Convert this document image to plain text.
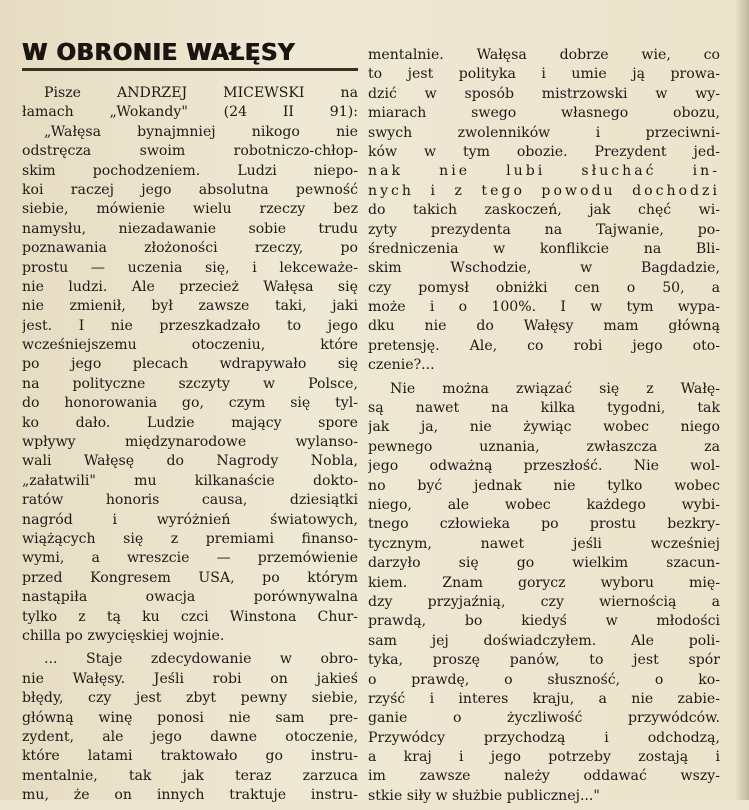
W OBRONIE WAŁĘSY
Pisze ANDRZEJ MICEWSKI na
łamach „Wokandy" (24 II 91):
„Wałęsa bynajmniej nikogo nie
odstręcza swoim robotniczo-chłop-
skim pochodzeniem. Ludzi niepo-
koi raczej jego absolutna pewność
siebie, mówienie wielu rzeczy bez
namysłu, niezadawanie sobie trudu
poznawania złożoności rzeczy, po
prostu — uczenia się, i lekceważe-
nie ludzi. Ale przecież Wałęsa się
nie zmienił, był zawsze taki, jaki
jest. I nie przeszkadzało to jego
wcześniejszemu otoczeniu, które
po jego plecach wdrapywało się
na polityczne szczyty w Polsce,
do honorowania go, czym się tyl-
ko dało. Ludzie mający spore
wpływy międzynarodowe wylanso-
wali Wałęsę do Nagrody Nobla,
„załatwili" mu kilkanaście dokto-
ratów honoris causa, dziesiątki
nagród i wyróżnień światowych,
wiążących się z premiami finanso-
wymi, a wreszcie — przemówienie
przed Kongresem USA, po którym
nastąpiła owacja porównywalna
tylko z tą ku czci Winstona Chur-
chilla po zwycięskiej wojnie.
... Staje zdecydowanie w obro-
nie Wałęsy. Jeśli robi on jakieś
błędy, czy jest zbyt pewny siebie,
główną winę ponosi nie sam pre-
zydent, ale jego dawne otoczenie,
które latami traktowało go instru-
mentalnie, tak jak teraz zarzuca
mu, że on innych traktuje instru-
mentalnie. Wałęsa dobrze wie, co
to jest polityka i umie ją prowa-
dzić w sposób mistrzowski w wy-
miarach swego własnego obozu,
swych zwolenników i przeciwni-
ków w tym obozie. Prezydent jed-
nak nie lubi słuchać in-
nych i z tego powodu dochodzi
do takich zaskoczeń, jak chęć wi-
zyty prezydenta na Tajwanie, po-
średniczenia w konflikcie na Bli-
skim Wschodzie, w Bagdadzie,
czy pomysł obniżki cen o 50, a
może i o 100%. I w tym wypa-
dku nie do Wałęsy mam główną
pretensję. Ale, co robi jego oto-
czenie?...
Nie można związać się z Wałę-
są nawet na kilka tygodni, tak
jak ja, nie żywiąc wobec niego
pewnego uznania, zwłaszcza za
jego odważną przeszłość. Nie wol-
no być jednak nie tylko wobec
niego, ale wobec każdego wybi-
tnego człowieka po prostu bezkry-
tycznym, nawet jeśli wcześniej
darzyło się go wielkim szacun-
kiem. Znam gorycz wyboru mię-
dzy przyjaźnią, czy wiernością a
prawdą, bo kiedyś w młodości
sam jej doświadczyłem. Ale poli-
tyka, proszę panów, to jest spór
o prawdę, o słuszność, o ko-
rzyść i interes kraju, a nie zabie-
ganie o życzliwość przywódców.
Przywódcy przychodzą i odchodzą,
a kraj i jego potrzeby zostają i
im zawsze należy oddawać wszy-
stkie siły w służbie publicznej..."
